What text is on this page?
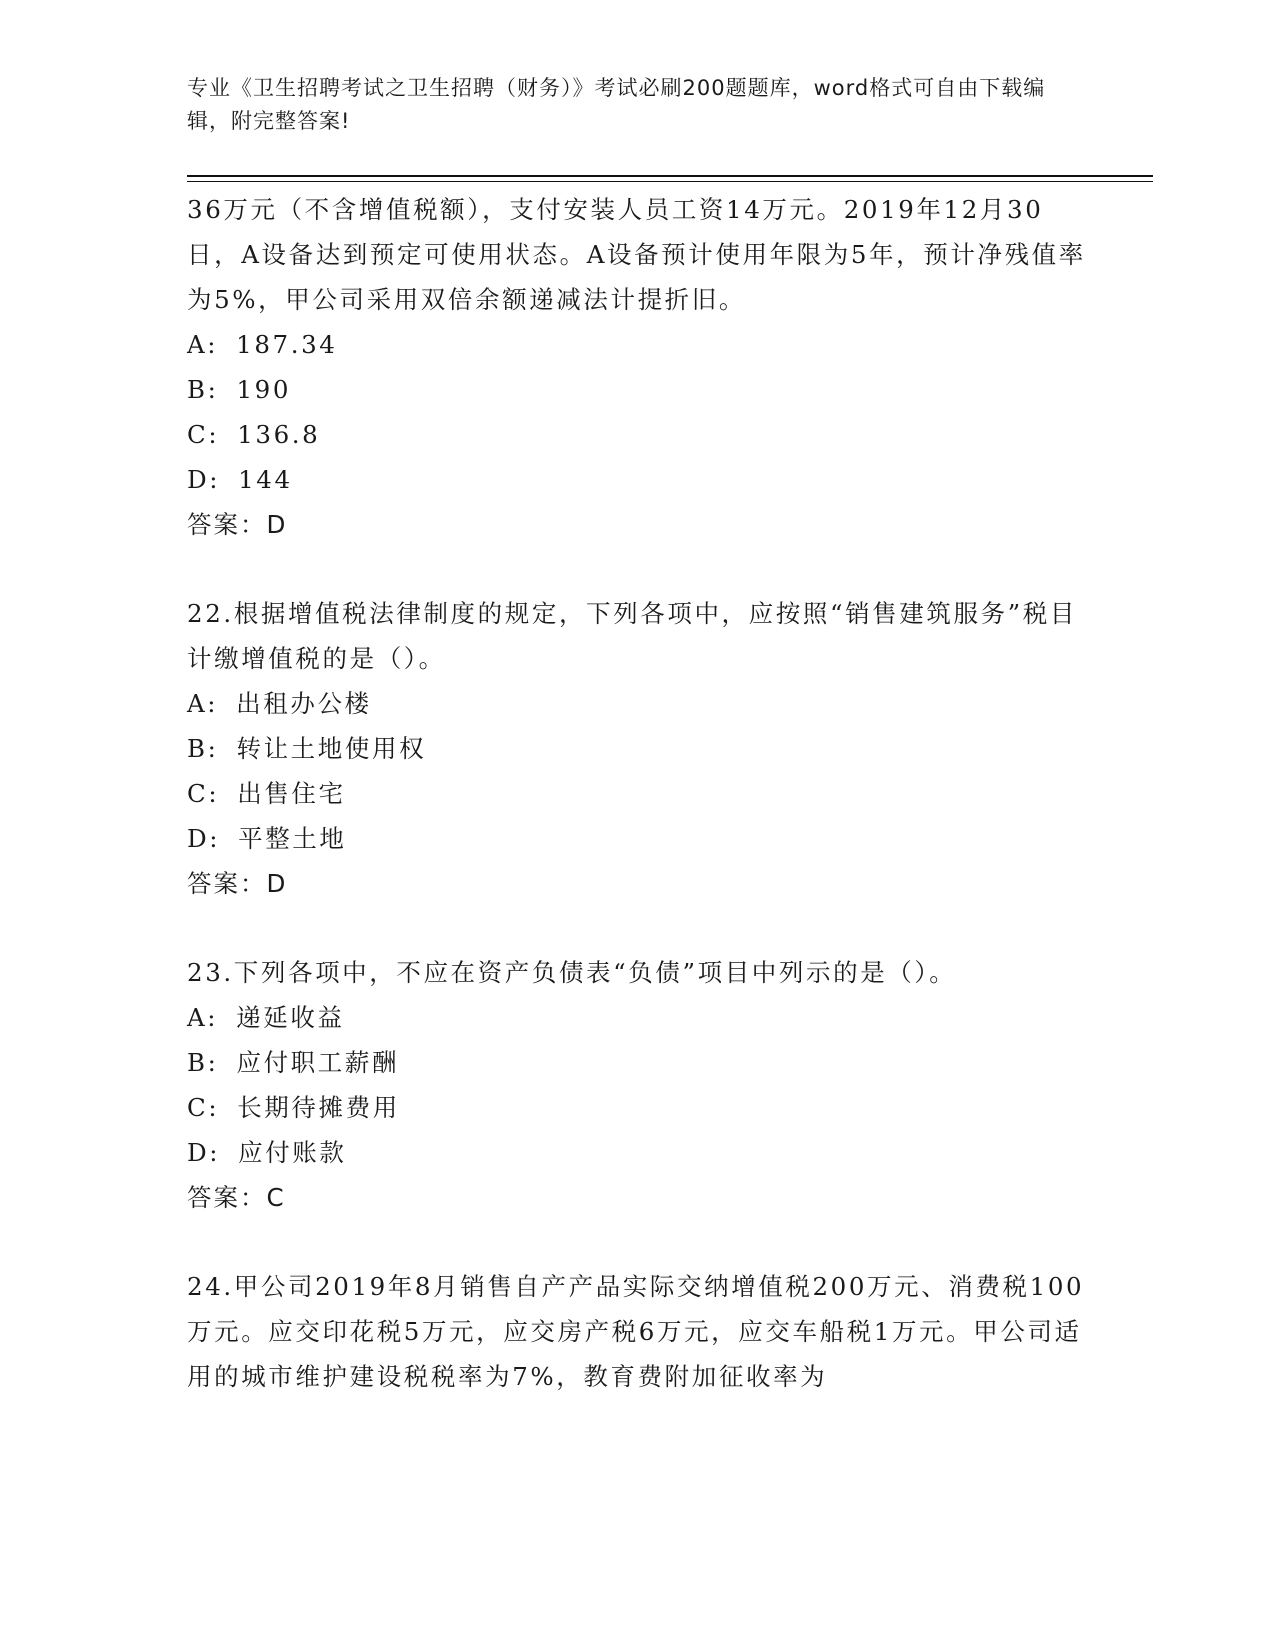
专业《卫生招聘考试之卫生招聘（财务）》考试必刷200题题库，word格式可自由下载编辑，附完整答案!
36万元（不含增值税额），支付安装人员工资14万元。2019年12月30日，A设备达到预定可使用状态。A设备预计使用年限为5年，预计净残值率为5%，甲公司采用双倍余额递减法计提折旧。
A: 187.34
B: 190
C: 136.8
D: 144
答案：D
22.根据增值税法律制度的规定，下列各项中，应按照“销售建筑服务”税目计缴增值税的是（）。
A: 出租办公楼
B: 转让土地使用权
C: 出售住宅
D: 平整土地
答案：D
23.下列各项中，不应在资产负债表“负债”项目中列示的是（）。
A: 递延收益
B: 应付职工薪酬
C: 长期待摊费用
D: 应付账款
答案：C
24.甲公司2019年8月销售自产产品实际交纳增值税200万元、消费税100万元。应交印花税5万元，应交房产税6万元，应交车船税1万元。甲公司适用的城市维护建设税税率为7%，教育费附加征收率为
